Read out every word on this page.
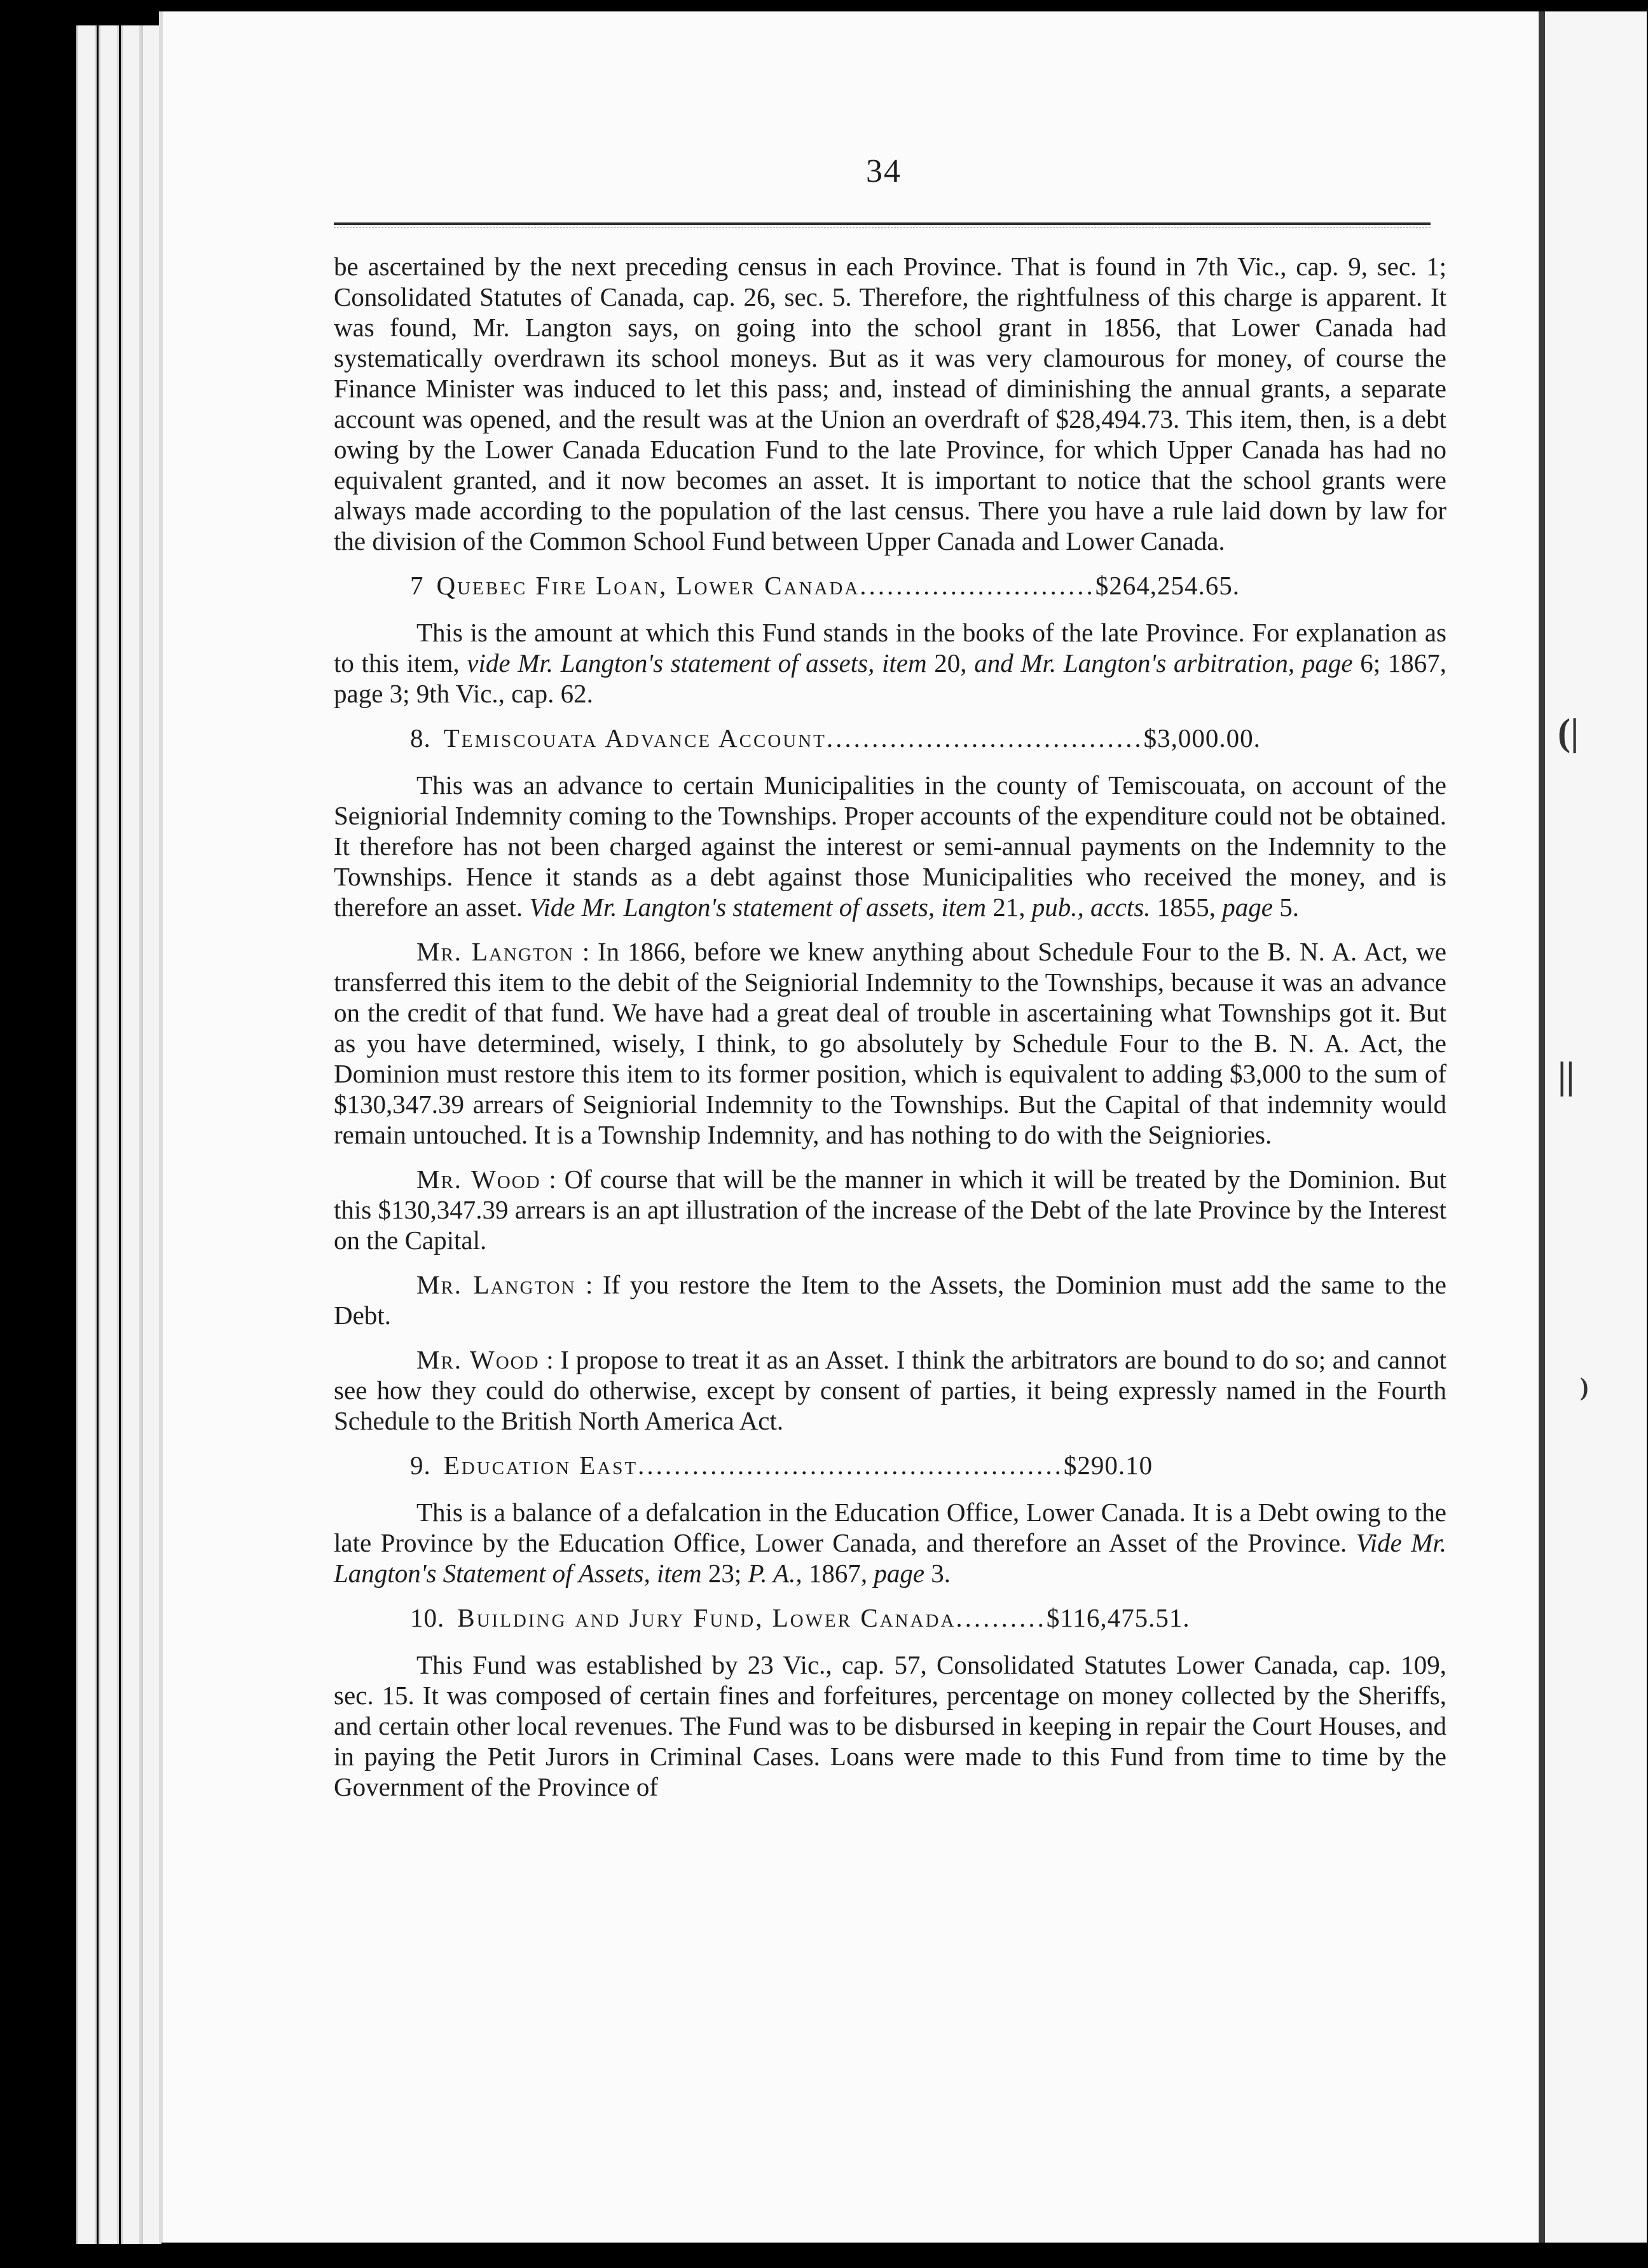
(|
||
)
34

be ascertained by the next preceding census in each Province. That is found in 7th Vic., cap. 9, sec. 1; Consolidated Statutes of Canada, cap. 26, sec. 5. Therefore, the rightfulness of this charge is apparent. It was found, Mr. Langton says, on going into the school grant in 1856, that Lower Canada had systematically overdrawn its school moneys. But as it was very clamourous for money, of course the Finance Minister was induced to let this pass; and, instead of diminishing the annual grants, a separate account was opened, and the result was at the Union an overdraft of $28,494.73. This item, then, is a debt owing by the Lower Canada Education Fund to the late Province, for which Upper Canada has had no equivalent granted, and it now becomes an asset. It is important to notice that the school grants were always made according to the population of the last census. There you have a rule laid down by law for the division of the Common School Fund between Upper Canada and Lower Canada.

7 Quebec Fire Loan, Lower Canada..........................$264,254.65.

This is the amount at which this Fund stands in the books of the late Province. For explanation as to this item, vide Mr. Langton's statement of assets, item 20, and Mr. Langton's arbitration, page 6; 1867, page 3; 9th Vic., cap. 62.

8. Temiscouata Advance Account...................................$3,000.00.

This was an advance to certain Municipalities in the county of Temiscouata, on account of the Seigniorial Indemnity coming to the Townships. Proper accounts of the expenditure could not be obtained. It therefore has not been charged against the interest or semi-annual payments on the Indemnity to the Townships. Hence it stands as a debt against those Municipalities who received the money, and is therefore an asset. Vide Mr. Langton's statement of assets, item 21, pub., accts. 1855, page 5.

Mr. Langton : In 1866, before we knew anything about Schedule Four to the B. N. A. Act, we transferred this item to the debit of the Seigniorial Indemnity to the Townships, because it was an advance on the credit of that fund. We have had a great deal of trouble in ascertaining what Townships got it. But as you have determined, wisely, I think, to go absolutely by Schedule Four to the B. N. A. Act, the Dominion must restore this item to its former position, which is equivalent to adding $3,000 to the sum of $130,347.39 arrears of Seigniorial Indemnity to the Townships. But the Capital of that indemnity would remain untouched. It is a Township Indemnity, and has nothing to do with the Seigniories.

Mr. Wood : Of course that will be the manner in which it will be treated by the Dominion. But this $130,347.39 arrears is an apt illustration of the increase of the Debt of the late Province by the Interest on the Capital.

Mr. Langton : If you restore the Item to the Assets, the Dominion must add the same to the Debt.

Mr. Wood : I propose to treat it as an Asset. I think the arbitrators are bound to do so; and cannot see how they could do otherwise, except by consent of parties, it being expressly named in the Fourth Schedule to the British North America Act.

9. Education East...............................................$290.10

This is a balance of a defalcation in the Education Office, Lower Canada. It is a Debt owing to the late Province by the Education Office, Lower Canada, and therefore an Asset of the Province. Vide Mr. Langton's Statement of Assets, item 23; P. A., 1867, page 3.

10. Building and Jury Fund, Lower Canada..........$116,475.51.

This Fund was established by 23 Vic., cap. 57, Consolidated Statutes Lower Canada, cap. 109, sec. 15. It was composed of certain fines and forfeitures, percentage on money collected by the Sheriffs, and certain other local revenues. The Fund was to be disbursed in keeping in repair the Court Houses, and in paying the Petit Jurors in Criminal Cases. Loans were made to this Fund from time to time by the Government of the Province of
